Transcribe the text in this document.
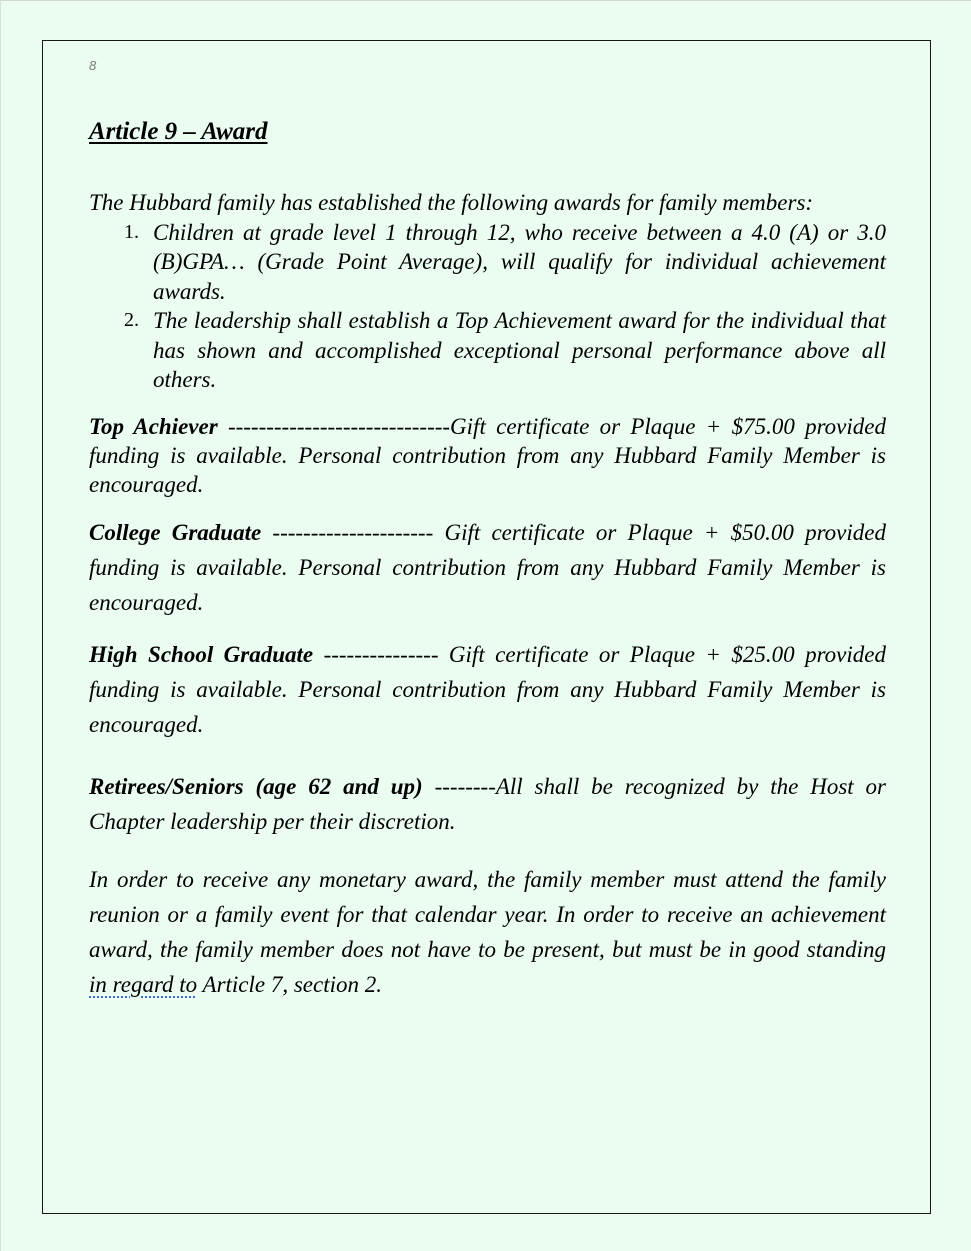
8
Article 9 – Award

The Hubbard family has established the following awards for family members:

1. Children at grade level 1 through 12, who receive between a 4.0 (A) or 3.0 (B)GPA… (Grade Point Average), will qualify for individual achievement awards.
2. The leadership shall establish a Top Achievement award for the individual that has shown and accomplished exceptional personal performance above all others.

Top Achiever -----------------------------Gift certificate or Plaque + $75.00 provided funding is available. Personal contribution from any Hubbard Family Member is encouraged.

College Graduate --------------------- Gift certificate or Plaque + $50.00 provided funding is available. Personal contribution from any Hubbard Family Member is encouraged.

High School Graduate --------------- Gift certificate or Plaque + $25.00 provided funding is available. Personal contribution from any Hubbard Family Member is encouraged.

Retirees/Seniors (age 62 and up) --------All shall be recognized by the Host or Chapter leadership per their discretion.

In order to receive any monetary award, the family member must attend the family reunion or a family event for that calendar year. In order to receive an achievement award, the family member does not have to be present, but must be in good standing in regard to Article 7, section 2.
